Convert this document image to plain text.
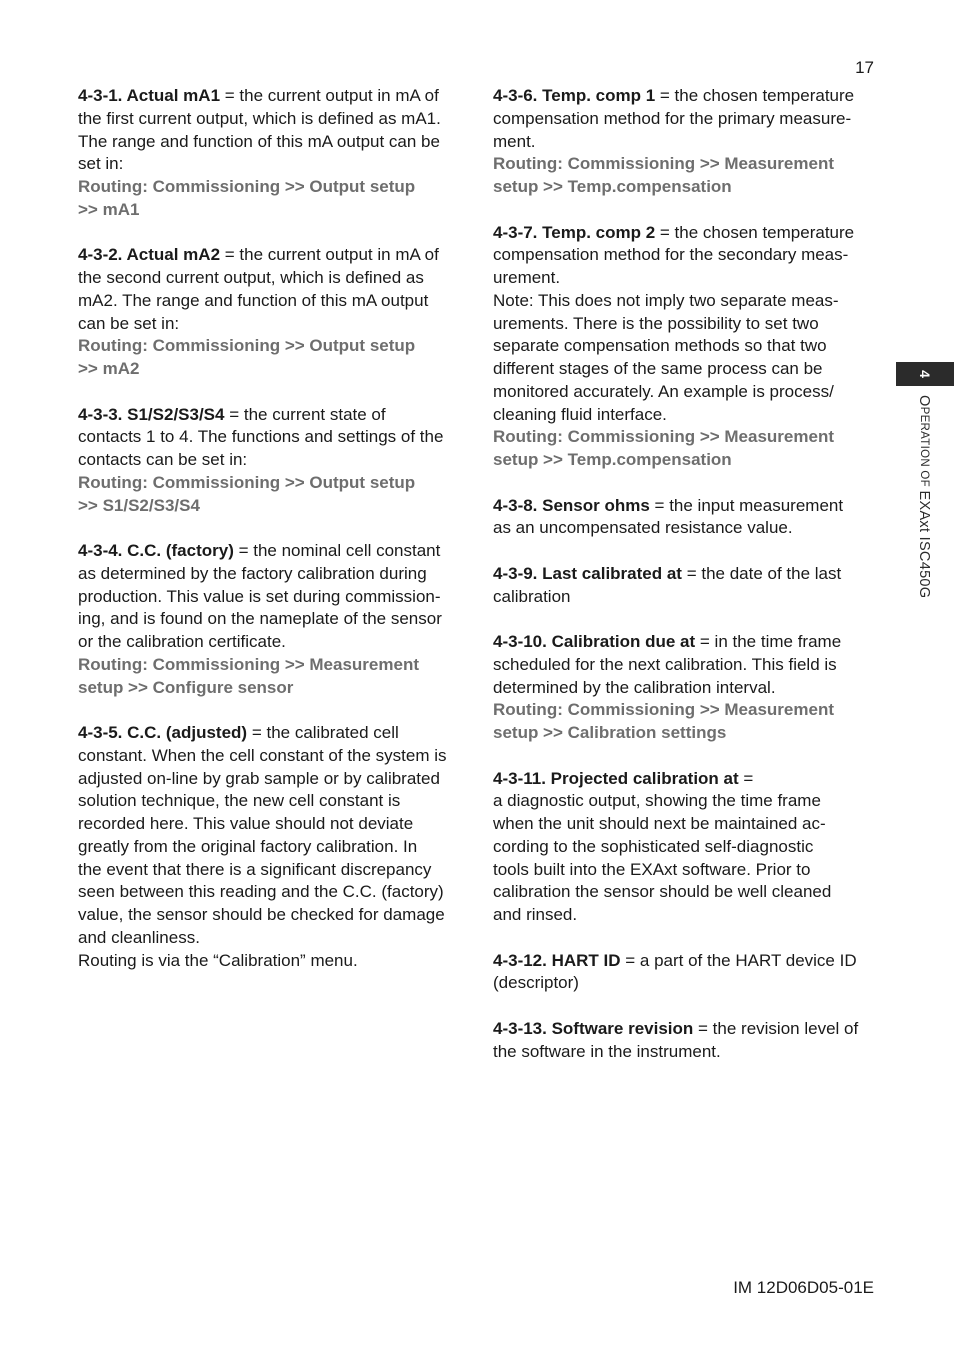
17

4-3-1. Actual mA1 = the current output in mA of

the first current output, which is defined as mA1.

The range and function of this mA output can be

set in:

Routing: Commissioning >> Output setup

>> mA1

4-3-2. Actual mA2 = the current output in mA of

the second current output, which is defined as

mA2. The range and function of this mA output

can be set in:

Routing: Commissioning >> Output setup

>> mA2

4-3-3. S1/S2/S3/S4 = the current state of

contacts 1 to 4. The functions and settings of the

contacts can be set in:

Routing: Commissioning >> Output setup

>> S1/S2/S3/S4

4-3-4. C.C. (factory) = the nominal cell constant

as determined by the factory calibration during

production. This value is set during commission-

ing, and is found on the nameplate of the sensor

or the calibration certificate.

Routing: Commissioning >> Measurement

setup >> Configure sensor

4-3-5. C.C. (adjusted) = the calibrated cell

constant. When the cell constant of the system is

adjusted on-line by grab sample or by calibrated

solution technique, the new cell constant is

recorded here. This value should not deviate

greatly from the original factory calibration. In

the event that there is a significant discrepancy

seen between this reading and the C.C. (factory)

value, the sensor should be checked for damage

and cleanliness.

Routing is via the “Calibration” menu.

4-3-6. Temp. comp 1 = the chosen temperature

compensation method for the primary measure-

ment.

Routing: Commissioning >> Measurement

setup >> Temp.compensation

4-3-7. Temp. comp 2 = the chosen temperature

compensation method for the secondary meas-

urement.

Note: This does not imply two separate meas-

urements. There is the possibility to set two

separate compensation methods so that two

different stages of the same process can be

monitored accurately. An example is process/

cleaning fluid interface.

Routing: Commissioning >> Measurement

setup >> Temp.compensation

4-3-8. Sensor ohms = the input measurement

as an uncompensated resistance value.

4-3-9. Last calibrated at = the date of the last

calibration

4-3-10. Calibration due at = in the time frame

scheduled for the next calibration. This field is

determined by the calibration interval.

Routing: Commissioning >> Measurement

setup >> Calibration settings

4-3-11. Projected calibration at =

a diagnostic output, showing the time frame

when the unit should next be maintained ac-

cording to the sophisticated self-diagnostic

tools built into the EXAxt software. Prior to

calibration the sensor should be well cleaned

and rinsed.

4-3-12. HART ID = a part of the HART device ID

(descriptor)

4-3-13. Software revision = the revision level of

the software in the instrument.

4
OPERATION OF EXAxt ISC450G
IM 12D06D05-01E
